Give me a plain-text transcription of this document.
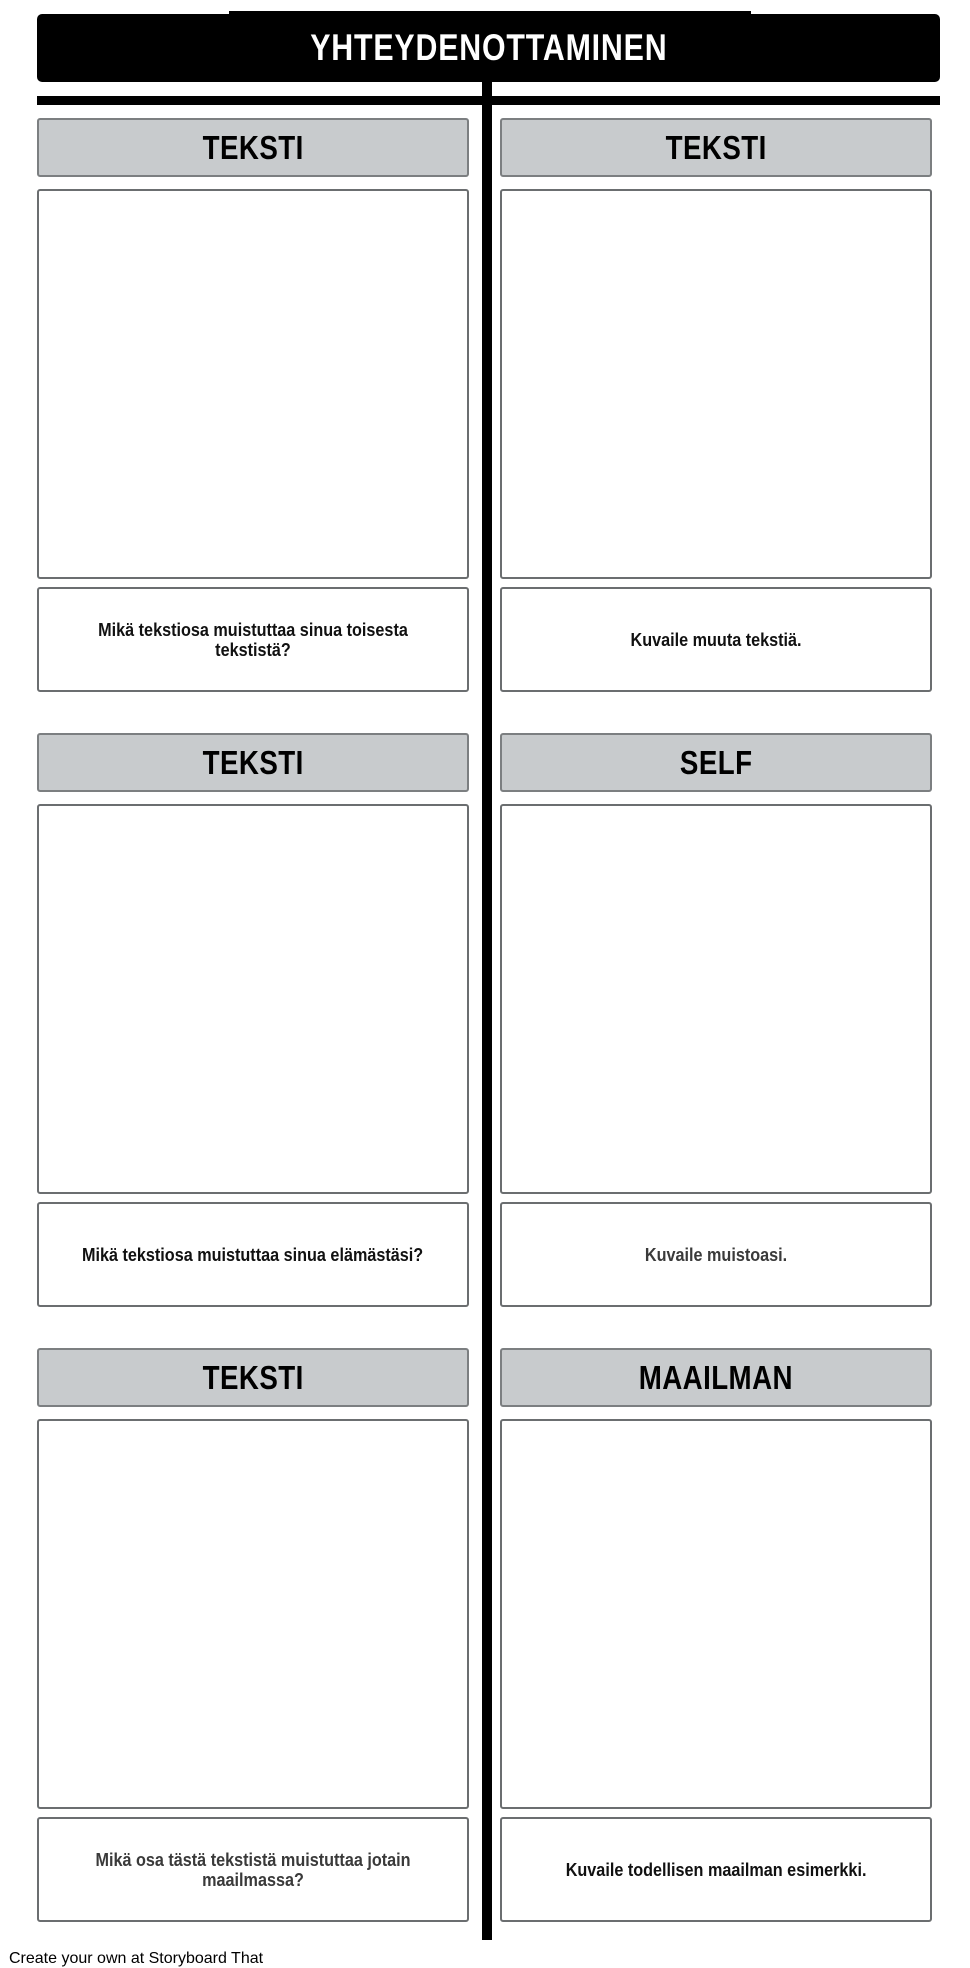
YHTEYDENOTTAMINEN
TEKSTI	TEKSTI
Mikä tekstiosa muistuttaa sinua toisesta tekstistä?	Kuvaile muuta tekstiä.
TEKSTI	SELF
Mikä tekstiosa muistuttaa sinua elämästäsi?	Kuvaile muistoasi.
TEKSTI	MAAILMAN
Mikä osa tästä tekstistä muistuttaa jotain maailmassa?	Kuvaile todellisen maailman esimerkki.
Create your own at Storyboard That
